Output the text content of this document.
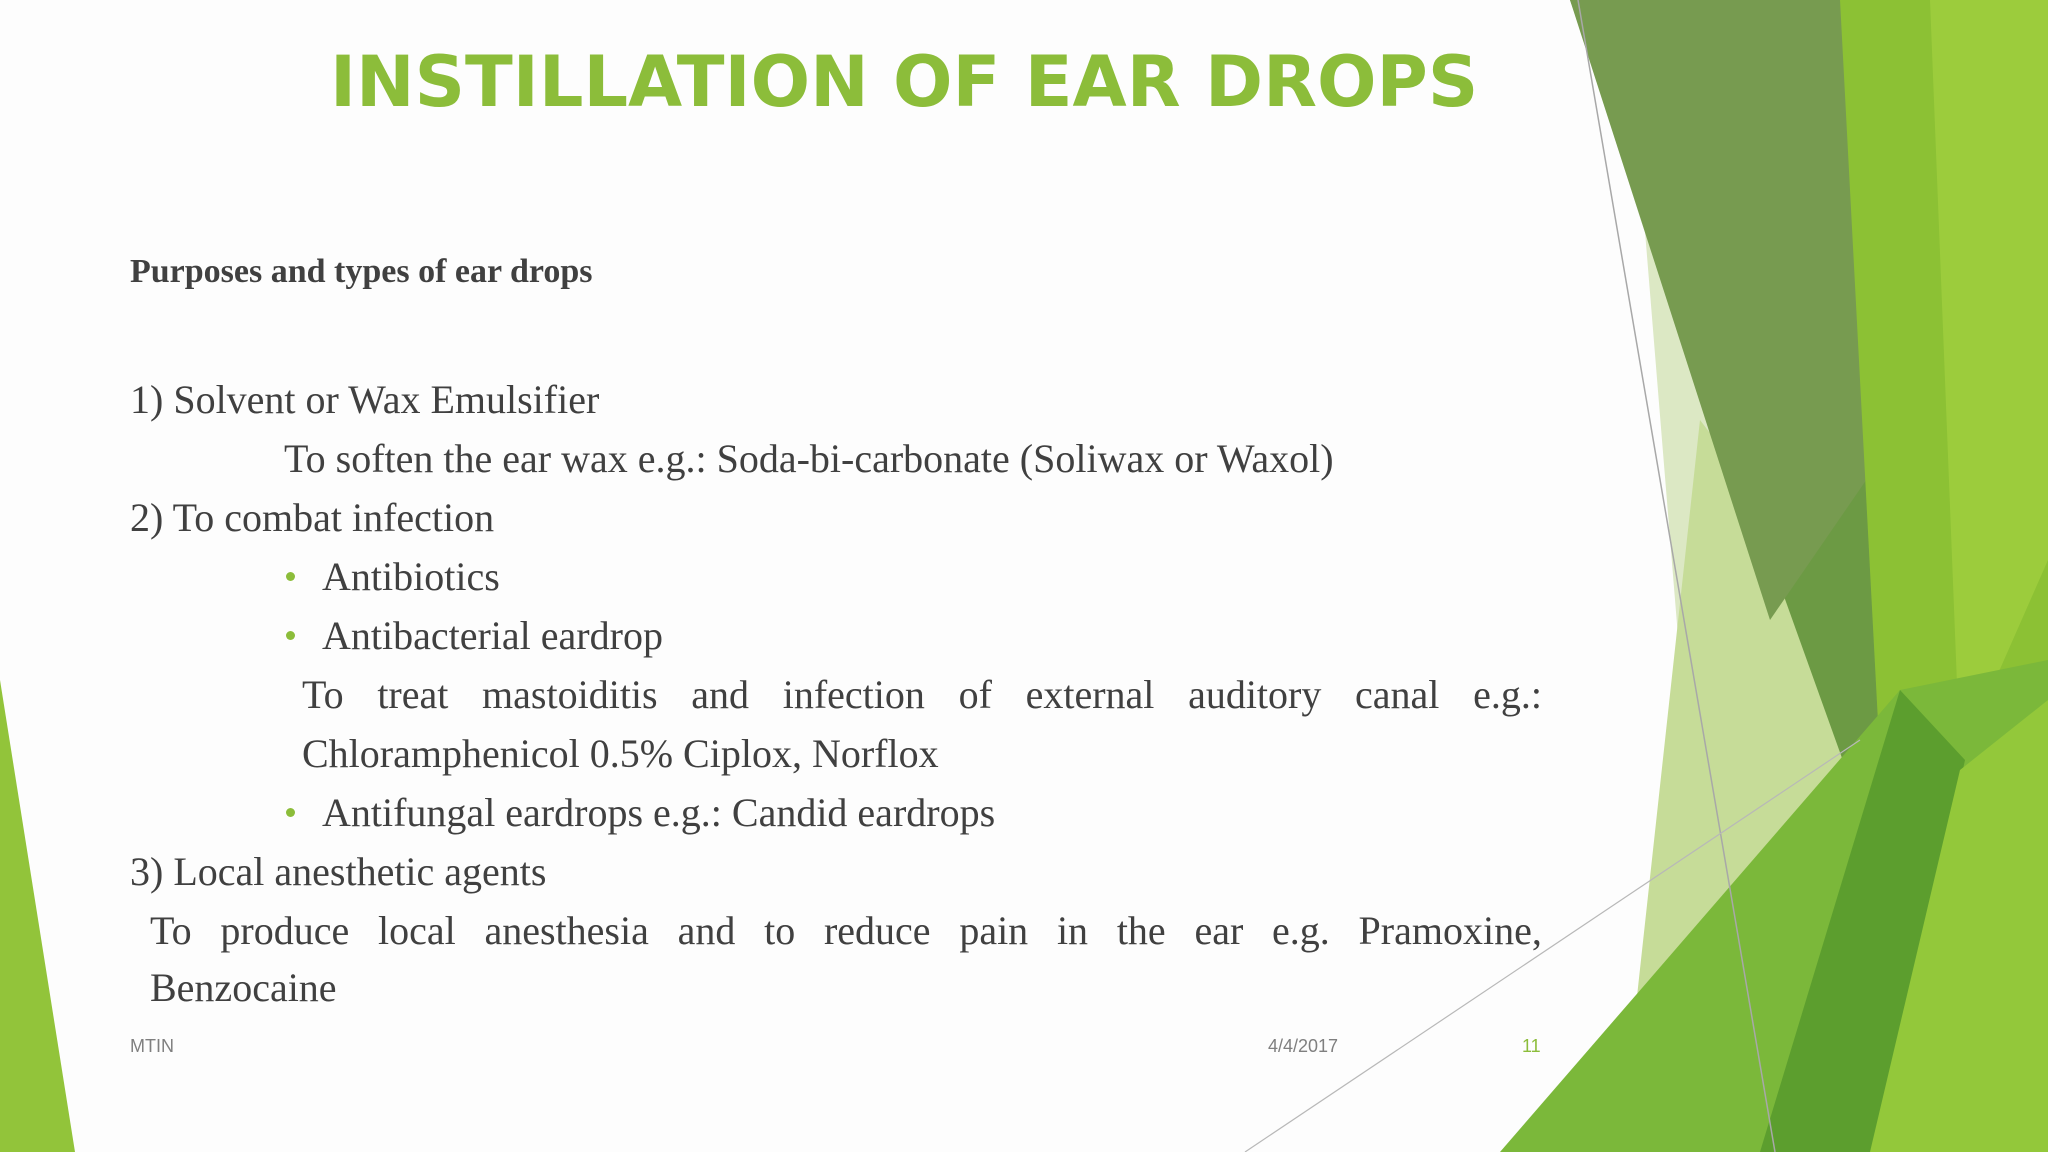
INSTILLATION OF EAR DROPS
Purposes and types of ear drops
1) Solvent or Wax Emulsifier
To soften the ear wax e.g.: Soda-bi-carbonate (Soliwax or Waxol)
2) To combat infection
Antibiotics
Antibacterial eardrop
To treat mastoiditis and infection of external auditory canal e.g.:
Chloramphenicol 0.5% Ciplox, Norflox
Antifungal eardrops e.g.: Candid eardrops
3) Local anesthetic agents
To produce local anesthesia and to reduce pain in the ear e.g. Pramoxine,
Benzocaine
MTIN	4/4/2017	11
